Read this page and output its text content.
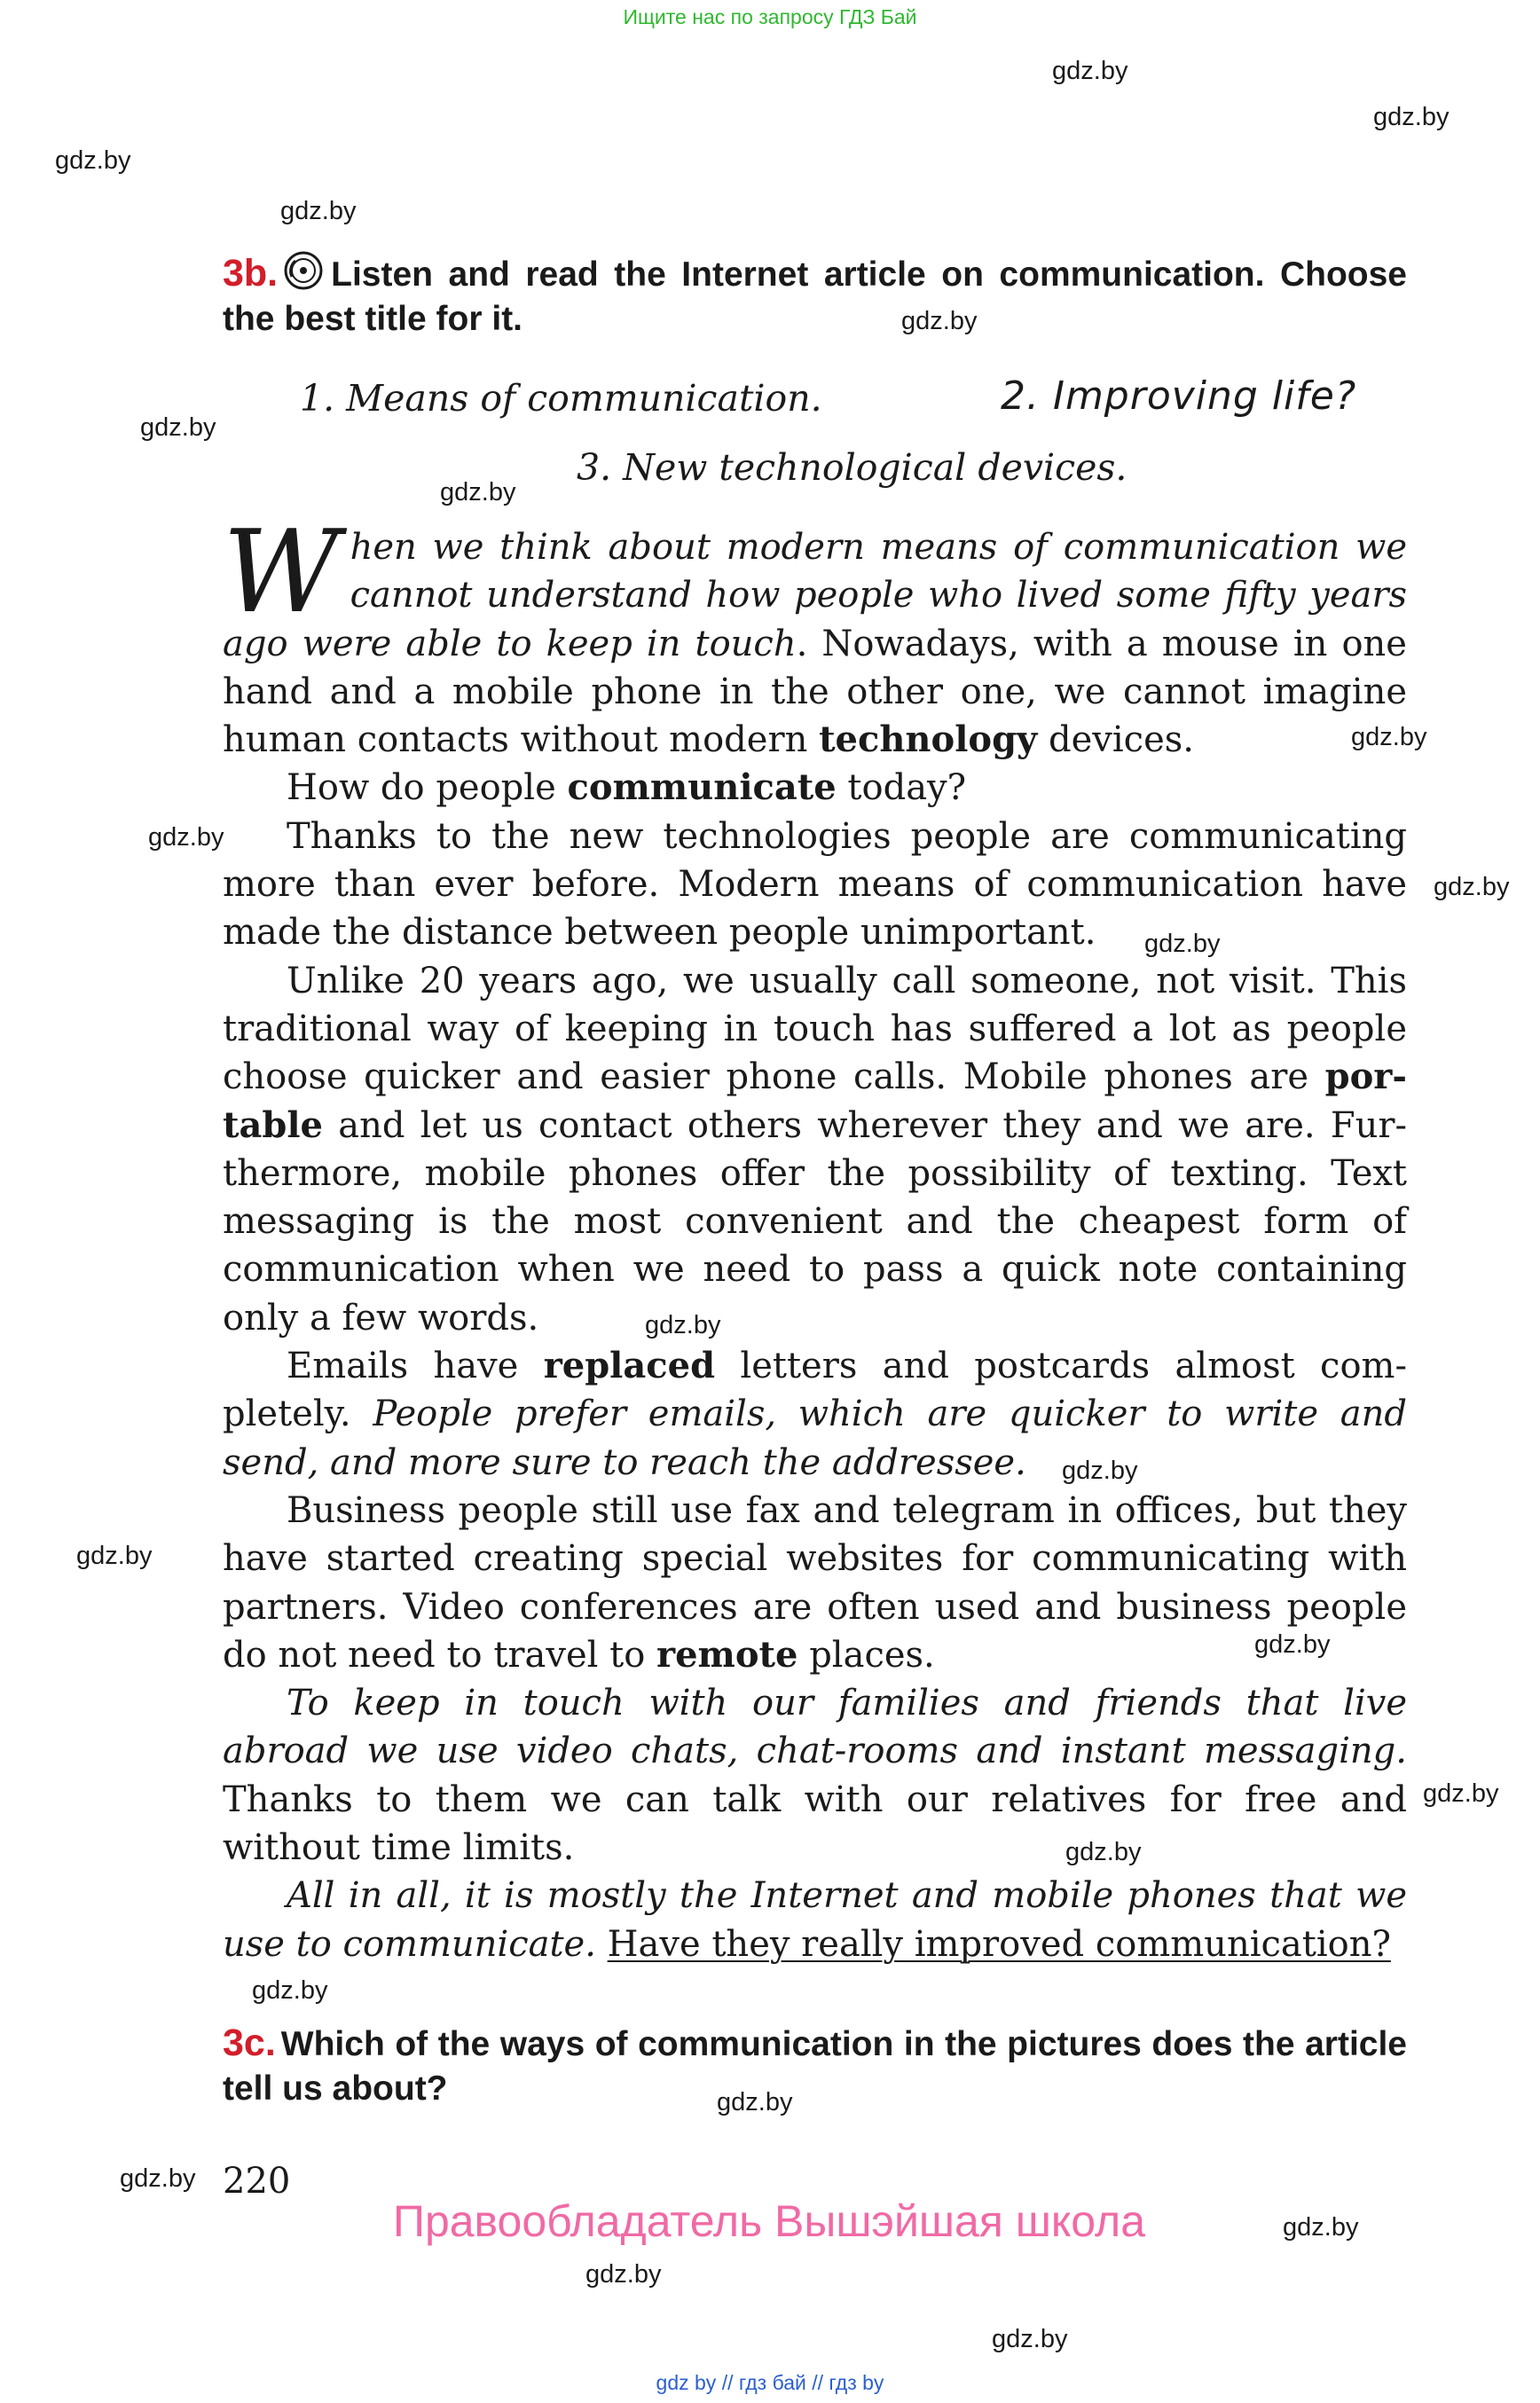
Ищите нас по запросу ГДЗ Бай
gdz.by
gdz.by
gdz.by
gdz.by
gdz.by
gdz.by
gdz.by
gdz.by
gdz.by
gdz.by
gdz.by
gdz.by
gdz.by
gdz.by
gdz.by
gdz.by
gdz.by
gdz.by
gdz.by
gdz.by
gdz.by
gdz.by
gdz.by
3b. Listen and read the Internet article on communication. Choose the best title for it.
1. Means of communication.	2. Improving life?
3. New technological devices.

When we think about modern means of communication we cannot understand how people who lived some fifty years ago were able to keep in touch. Nowadays, with a mouse in one hand and a mobile phone in the other one, we cannot imagine human contacts without modern technology devices.

How do people communicate today?

Thanks to the new technologies people are communicating more than ever before. Modern means of communication have made the distance between people unimportant.

Unlike 20 years ago, we usually call someone, not visit. This traditional way of keeping in touch has suffered a lot as people choose quicker and easier phone calls. Mobile phones are portable and let us contact others wherever they and we are. Furthermore, mobile phones offer the possibility of texting. Text messaging is the most convenient and the cheapest form of communication when we need to pass a quick note containing only a few words.

Emails have replaced letters and postcards almost completely. People prefer emails, which are quicker to write and send, and more sure to reach the addressee.

Business people still use fax and telegram in offices, but they have started creating special websites for communicating with partners. Video conferences are often used and business people do not need to travel to remote places.

To keep in touch with our families and friends that live abroad we use video chats, chat-rooms and instant messaging. Thanks to them we can talk with our relatives for free and without time limits.

All in all, it is mostly the Internet and mobile phones that we use to communicate. Have they really improved communication?

3c. Which of the ways of communication in the pictures does the article tell us about?
220
Правообладатель Вышэйшая школа
gdz by // гдз бай // гдз by
